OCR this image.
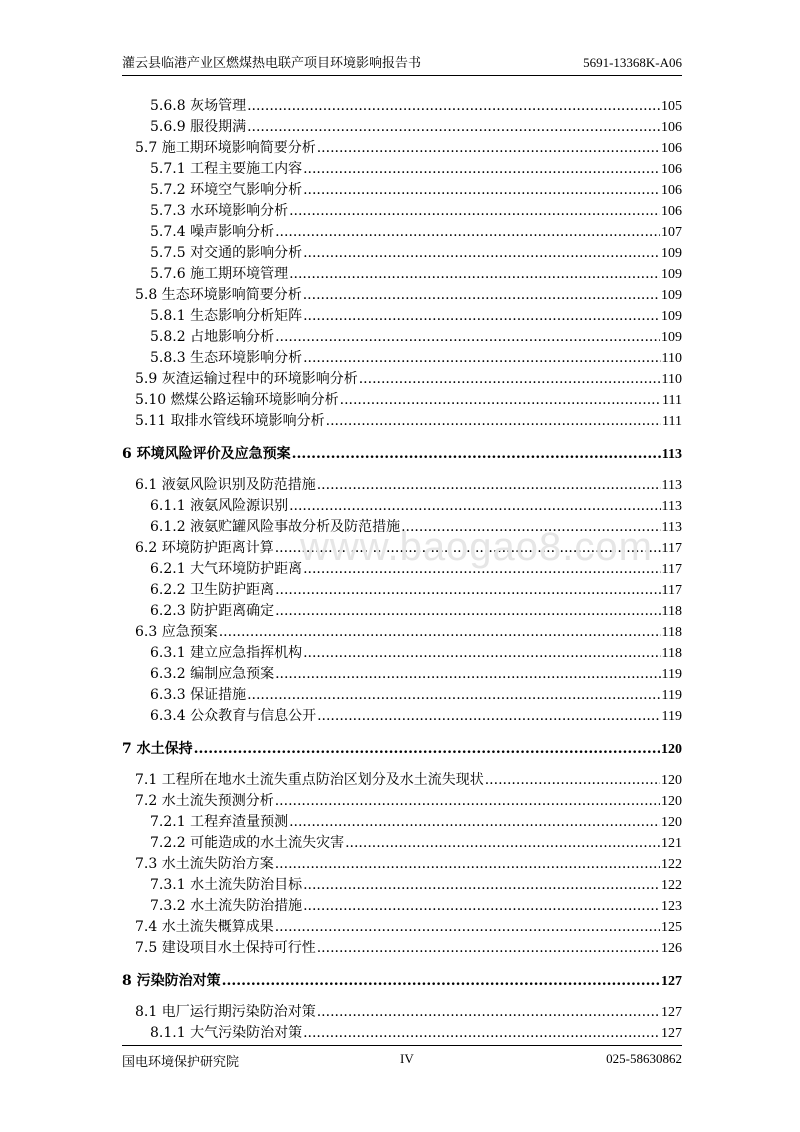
灌云县临港产业区燃煤热电联产项目环境影响报告书	5691-13368K-A06
5.6.8 灰场管理 .....	105
5.6.9 服役期满 .....	106
5.7 施工期环境影响简要分析 .....	106
5.7.1 工程主要施工内容 .....	106
5.7.2 环境空气影响分析 .....	106
5.7.3 水环境影响分析 .....	106
5.7.4 噪声影响分析 .....	107
5.7.5 对交通的影响分析 .....	109
5.7.6 施工期环境管理 .....	109
5.8 生态环境影响简要分析 .....	109
5.8.1 生态影响分析矩阵 .....	109
5.8.2 占地影响分析 .....	109
5.8.3 生态环境影响分析 .....	110
5.9 灰渣运输过程中的环境影响分析 .....	110
5.10 燃煤公路运输环境影响分析 .....	111
5.11 取排水管线环境影响分析 .....	111
6 环境风险评价及应急预案 .....	113
6.1 液氨风险识别及防范措施 .....	113
6.1.1 液氨风险源识别 .....	113
6.1.2 液氨贮罐风险事故分析及防范措施 .....	113
6.2 环境防护距离计算 .....	117
6.2.1 大气环境防护距离 .....	117
6.2.2 卫生防护距离 .....	117
6.2.3 防护距离确定 .....	118
6.3 应急预案 .....	118
6.3.1 建立应急指挥机构 .....	118
6.3.2 编制应急预案 .....	119
6.3.3 保证措施 .....	119
6.3.4 公众教育与信息公开 .....	119
7 水土保持 .....	120
7.1 工程所在地水土流失重点防治区划分及水土流失现状 .....	120
7.2 水土流失预测分析 .....	120
7.2.1 工程弃渣量预测 .....	120
7.2.2 可能造成的水土流失灾害 .....	121
7.3 水土流失防治方案 .....	122
7.3.1 水土流失防治目标 .....	122
7.3.2 水土流失防治措施 .....	123
7.4 水土流失概算成果 .....	125
7.5 建设项目水土保持可行性 .....	126
8 污染防治对策 .....	127
8.1 电厂运行期污染防治对策 .....	127
8.1.1 大气污染防治对策 .....	127
www.baogao8.com
国电环境保护研究院	IV	025-58630862
